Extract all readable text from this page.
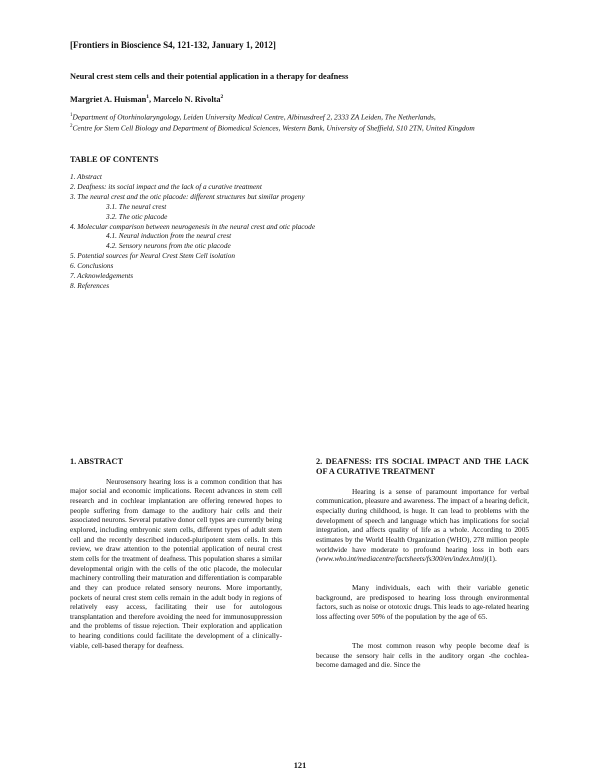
[Frontiers in Bioscience S4, 121-132, January 1, 2012]
Neural crest stem cells and their potential application in a therapy for deafness
Margriet A. Huisman$^1$, Marcelo N. Rivolta$^2$
$^1$Department of Otorhinolaryngology, Leiden University Medical Centre, Albinusdreef 2, 2333 ZA Leiden, The Netherlands,
$^2$Centre for Stem Cell Biology and Department of Biomedical Sciences, Western Bank, University of Sheffield, S10 2TN, United Kingdom
TABLE OF CONTENTS
1. Abstract
2. Deafness: its social impact and the lack of a curative treatment
3. The neural crest and the otic placode: different structures but similar progeny
3.1. The neural crest
3.2. The otic placode
4. Molecular comparison between neurogenesis in the neural crest and otic placode
4.1. Neural induction from the neural crest
4.2. Sensory neurons from the otic placode
5. Potential sources for Neural Crest Stem Cell isolation
6. Conclusions
7. Acknowledgements
8. References
1. ABSTRACT

Neurosensory hearing loss is a common condition that has major social and economic implications. Recent advances in stem cell research and in cochlear implantation are offering renewed hopes to people suffering from damage to the auditory hair cells and their associated neurons. Several putative donor cell types are currently being explored, including embryonic stem cells, different types of adult stem cell and the recently described induced-pluripotent stem cells. In this review, we draw attention to the potential application of neural crest stem cells for the treatment of deafness. This population shares a similar developmental origin with the cells of the otic placode, the molecular machinery controlling their maturation and differentiation is comparable and they can produce related sensory neurons. More importantly, pockets of neural crest stem cells remain in the adult body in regions of relatively easy access, facilitating their use for autologous transplantation and therefore avoiding the need for immunosuppression and the problems of tissue rejection. Their exploration and application to hearing conditions could facilitate the development of a clinically-viable, cell-based therapy for deafness.

2. DEAFNESS: ITS SOCIAL IMPACT AND THE LACK OF A CURATIVE TREATMENT

Hearing is a sense of paramount importance for verbal communication, pleasure and awareness. The impact of a hearing deficit, especially during childhood, is huge. It can lead to problems with the development of speech and language which has implications for social integration, and affects quality of life as a whole. According to 2005 estimates by the World Health Organization (WHO), 278 million people worldwide have moderate to profound hearing loss in both ears (www.who.int/mediacentre/factsheets/fs300/en/index.html)(1).

Many individuals, each with their variable genetic background, are predisposed to hearing loss through environmental factors, such as noise or ototoxic drugs. This leads to age-related hearing loss affecting over 50% of the population by the age of 65.

The most common reason why people become deaf is because the sensory hair cells in the auditory organ -the cochlea- become damaged and die. Since the

121
